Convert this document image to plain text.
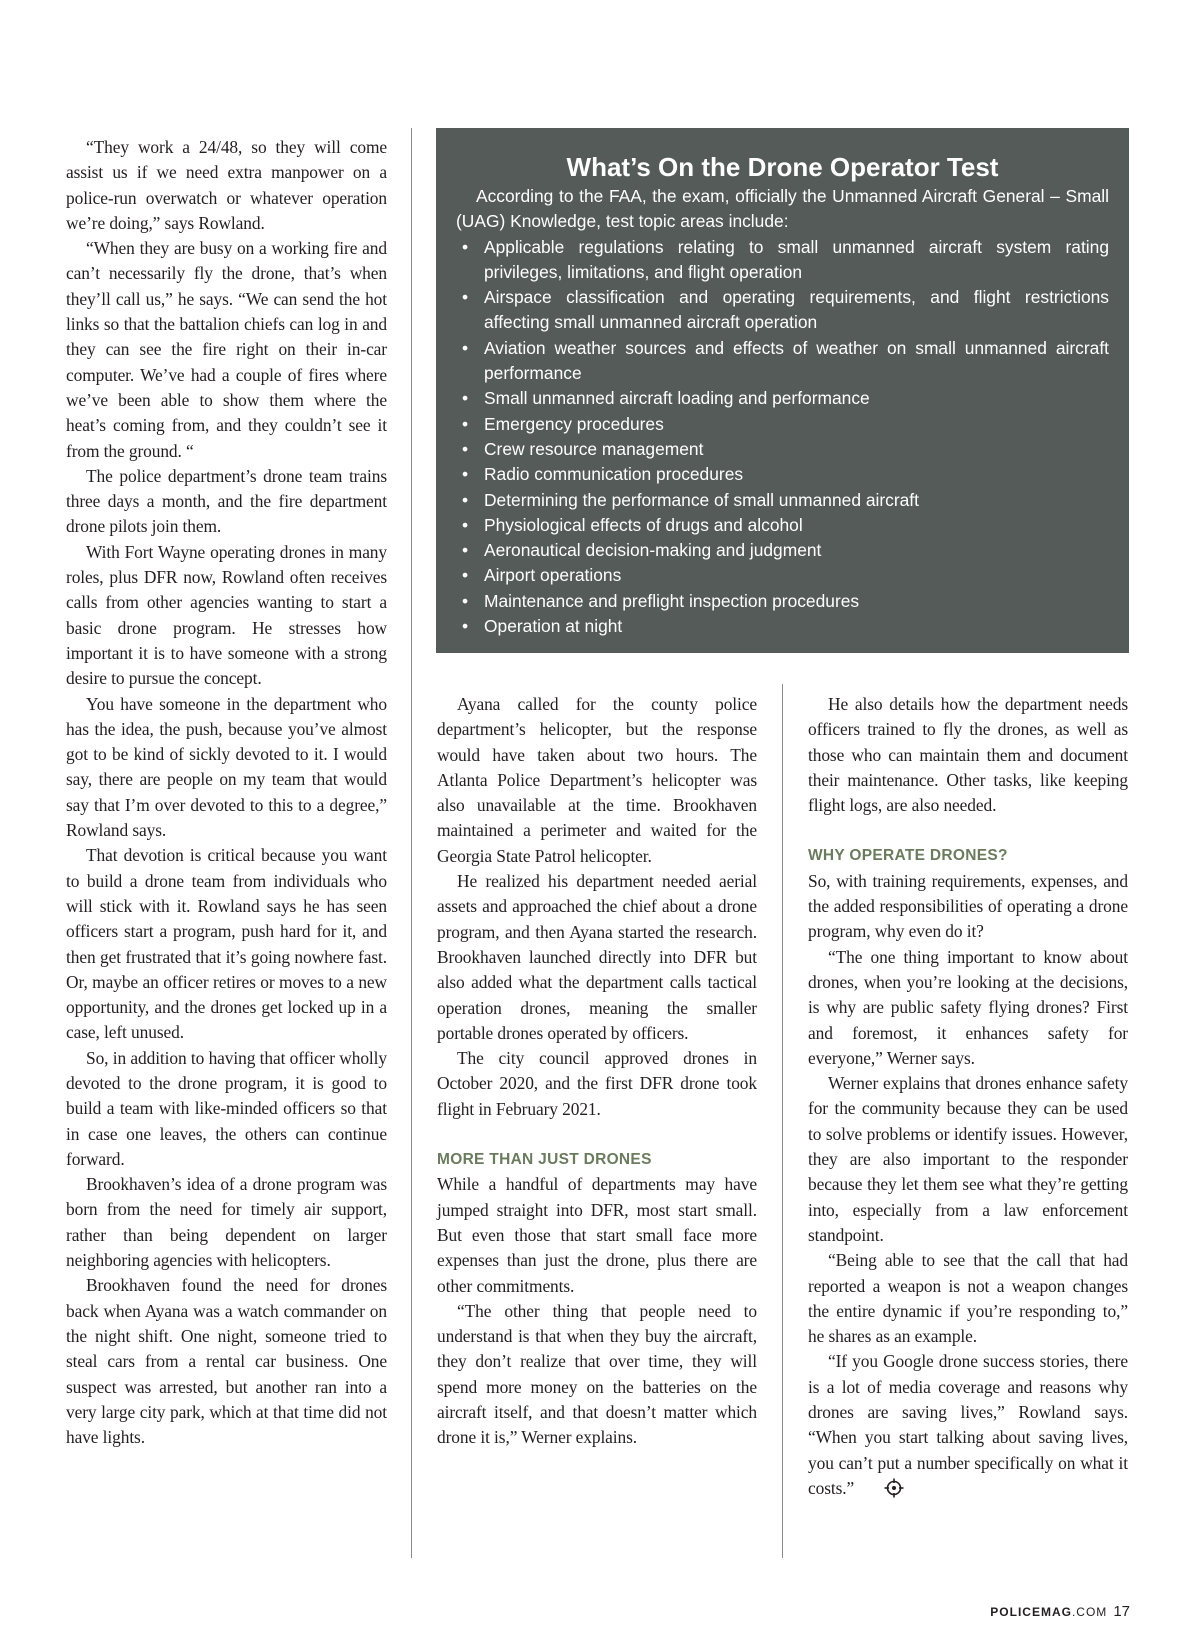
“They work a 24/48, so they will come assist us if we need extra manpower on a police-run overwatch or whatever operation we’re doing,” says Rowland.

“When they are busy on a working fire and can’t necessarily fly the drone, that’s when they’ll call us,” he says. “We can send the hot links so that the battalion chiefs can log in and they can see the fire right on their in-car computer. We’ve had a couple of fires where we’ve been able to show them where the heat’s coming from, and they couldn’t see it from the ground. “

The police department’s drone team trains three days a month, and the fire department drone pilots join them.

With Fort Wayne operating drones in many roles, plus DFR now, Rowland often receives calls from other agencies wanting to start a basic drone program. He stresses how important it is to have someone with a strong desire to pursue the concept.

You have someone in the department who has the idea, the push, because you’ve almost got to be kind of sickly devoted to it. I would say, there are people on my team that would say that I’m over devoted to this to a degree,” Rowland says.

That devotion is critical because you want to build a drone team from individuals who will stick with it. Rowland says he has seen officers start a program, push hard for it, and then get frustrated that it’s going nowhere fast. Or, maybe an officer retires or moves to a new opportunity, and the drones get locked up in a case, left unused.

So, in addition to having that officer wholly devoted to the drone program, it is good to build a team with like-minded officers so that in case one leaves, the others can continue forward.

Brookhaven’s idea of a drone program was born from the need for timely air support, rather than being dependent on larger neighboring agencies with helicopters.

Brookhaven found the need for drones back when Ayana was a watch commander on the night shift. One night, someone tried to steal cars from a rental car business. One suspect was arrested, but another ran into a very large city park, which at that time did not have lights.

What’s On the Drone Operator Test

According to the FAA, the exam, officially the Unmanned Aircraft General – Small (UAG) Knowledge, test topic areas include:

• Applicable regulations relating to small unmanned aircraft system rating privileges, limitations, and flight operation
• Airspace classification and operating requirements, and flight restrictions affecting small unmanned aircraft operation
• Aviation weather sources and effects of weather on small unmanned aircraft performance
• Small unmanned aircraft loading and performance
• Emergency procedures
• Crew resource management
• Radio communication procedures
• Determining the performance of small unmanned aircraft
• Physiological effects of drugs and alcohol
• Aeronautical decision-making and judgment
• Airport operations
• Maintenance and preflight inspection procedures
• Operation at night

Ayana called for the county police department’s helicopter, but the response would have taken about two hours. The Atlanta Police Department’s helicopter was also unavailable at the time. Brookhaven maintained a perimeter and waited for the Georgia State Patrol helicopter.

He realized his department needed aerial assets and approached the chief about a drone program, and then Ayana started the research. Brookhaven launched directly into DFR but also added what the department calls tactical operation drones, meaning the smaller portable drones operated by officers.

The city council approved drones in October 2020, and the first DFR drone took flight in February 2021.

MORE THAN JUST DRONES

While a handful of departments may have jumped straight into DFR, most start small. But even those that start small face more expenses than just the drone, plus there are other commitments.

“The other thing that people need to understand is that when they buy the aircraft, they don’t realize that over time, they will spend more money on the batteries on the aircraft itself, and that doesn’t matter which drone it is,” Werner explains.

He also details how the department needs officers trained to fly the drones, as well as those who can maintain them and document their maintenance. Other tasks, like keeping flight logs, are also needed.

WHY OPERATE DRONES?

So, with training requirements, expenses, and the added responsibilities of operating a drone program, why even do it?

“The one thing important to know about drones, when you’re looking at the decisions, is why are public safety flying drones? First and foremost, it enhances safety for everyone,” Werner says.

Werner explains that drones enhance safety for the community because they can be used to solve problems or identify issues. However, they are also important to the responder because they let them see what they’re getting into, especially from a law enforcement standpoint.

“Being able to see that the call that had reported a weapon is not a weapon changes the entire dynamic if you’re responding to,” he shares as an example.

“If you Google drone success stories, there is a lot of media coverage and reasons why drones are saving lives,” Rowland says. “When you start talking about saving lives, you can’t put a number specifically on what it costs.”

POLICEMAG.COM 17
